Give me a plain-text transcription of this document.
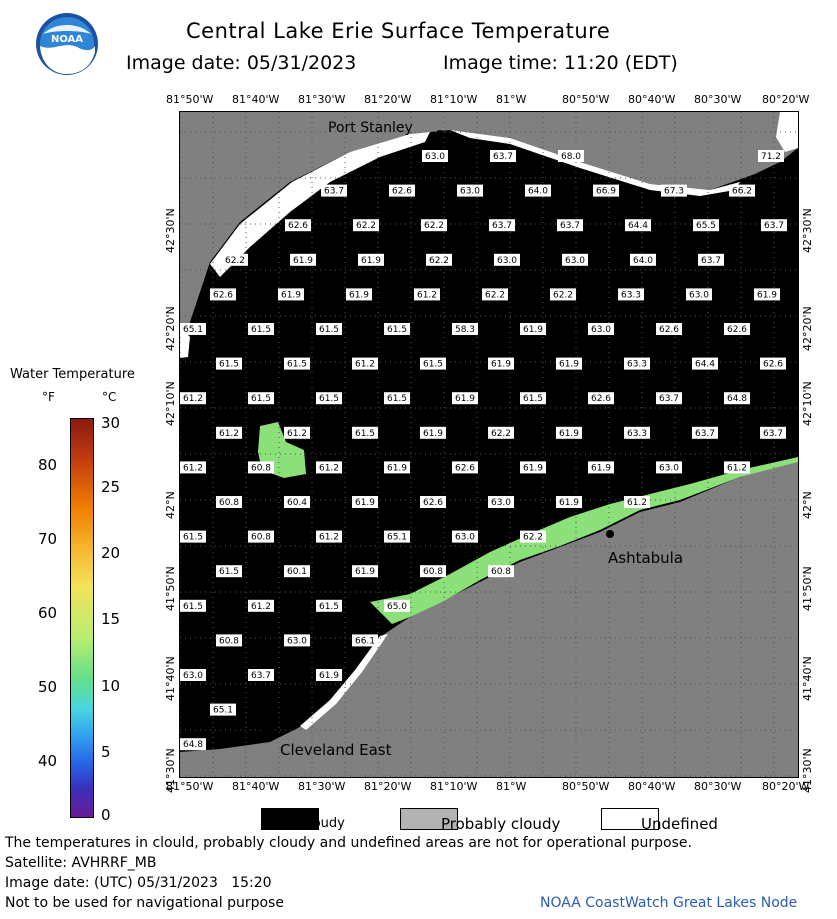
NOAA	Central Lake Erie Surface Temperature
Image date: 05/31/2023	Image time: 11:20 (EDT)
81°50'W 81°40'W 81°30'W 81°20'W 81°10'W 81°W	80°50'W 80°40'W 80°30'W 80°20'W
81°50'W 81°40'W 81°30'W 81°20'W 81°10'W 81°W	80°50'W 80°40'W 80°30'W 80°20'W
42°30'N
42°20'N
42°10'N
42°N
41°50'N
41°40'N
41°30'N
42°30'N
42°20'N
42°10'N
42°N
41°50'N
41°40'N
41°30'N
63.0	63.7	68.0	71.2
63.7	62.6	63.0	64.0	66.9	67.3	66.2
62.6	62.2	62.2	63.7	63.7	64.4	65.5	63.7
62.2	61.9	61.9	62.2	63.0	63.0	64.0	63.7
62.6	61.9	61.9	61.2	62.2	62.2	63.3	63.0	61.9
65.1	61.5	61.5	61.5	58.3	61.9	63.0	62.6	62.6
61.5	61.5	61.2	61.5	61.9	61.9	63.3	64.4	62.6
61.2	61.5	61.5	61.5	61.9	61.5	62.6	63.7	64.8
61.2	61.2	61.5	61.9	62.2	61.9	63.3	63.7	63.7
61.2	60.8	61.2	61.9	62.6	61.9	61.9	63.0	61.2
60.8	60.4	61.9	62.6	63.0	61.9	61.2
61.5	60.8	61.2	65.1	63.0	62.2
61.5	60.1	61.9	60.8	60.8
61.5	61.2	61.5	65.0
60.8	63.0	66.1
63.0	63.7	61.9
65.1
64.8
Port Stanley
Ashtabula
Cleveland East
Water Temperature
°F	°C
80
70
60
50
40
30
25
20
15
10
5
0	Cloudy	Probably cloudy	Undefined
The temperatures in clould, probably cloudy and undefined areas are not for operational purpose.
Satellite: AVHRRF_MB
Image date: (UTC) 05/31/2023   15:20
Not to be used for navigational purpose	NOAA CoastWatch Great Lakes Node
